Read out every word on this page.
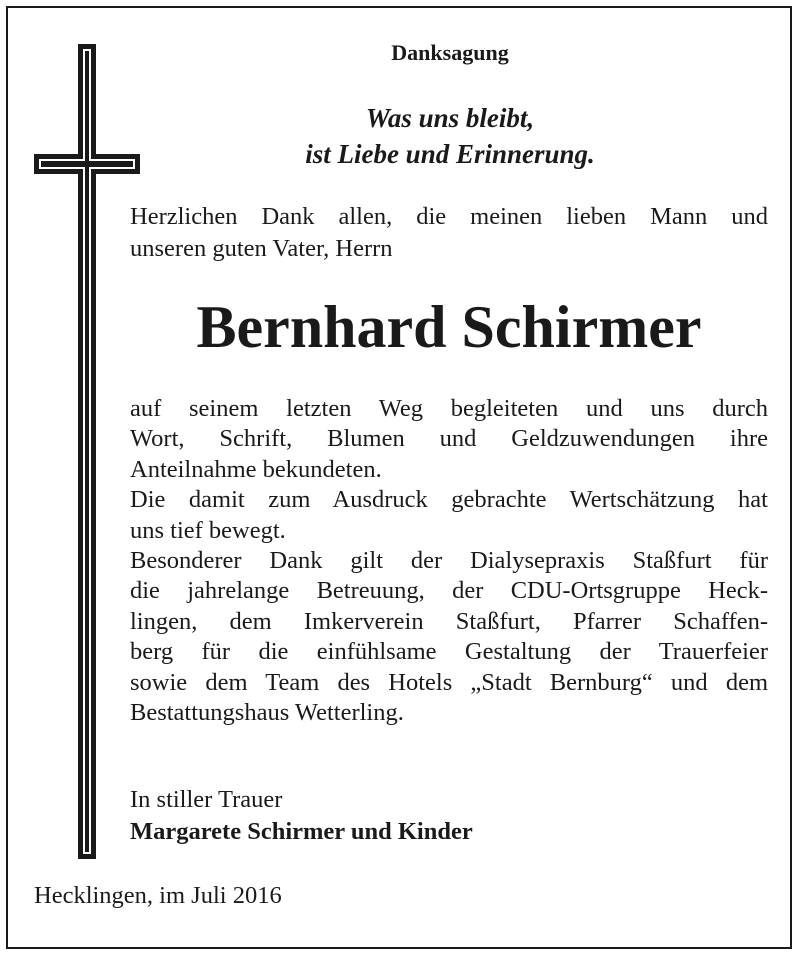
Danksagung
Was uns bleibt,
ist Liebe und Erinnerung.
Herzlichen Dank allen, die meinen lieben Mann und
unseren guten Vater, Herrn
Bernhard Schirmer
auf seinem letzten Weg begleiteten und uns durch
Wort, Schrift, Blumen und Geldzuwendungen ihre
Anteilnahme bekundeten.
Die damit zum Ausdruck gebrachte Wertschätzung hat
uns tief bewegt.
Besonderer Dank gilt der Dialysepraxis Staßfurt für
die jahrelange Betreuung, der CDU-Ortsgruppe Heck-
lingen, dem Imkerverein Staßfurt, Pfarrer Schaffen-
berg für die einfühlsame Gestaltung der Trauerfeier
sowie dem Team des Hotels „Stadt Bernburg“ und dem
Bestattungshaus Wetterling.
In stiller Trauer
Margarete Schirmer und Kinder
Hecklingen, im Juli 2016
